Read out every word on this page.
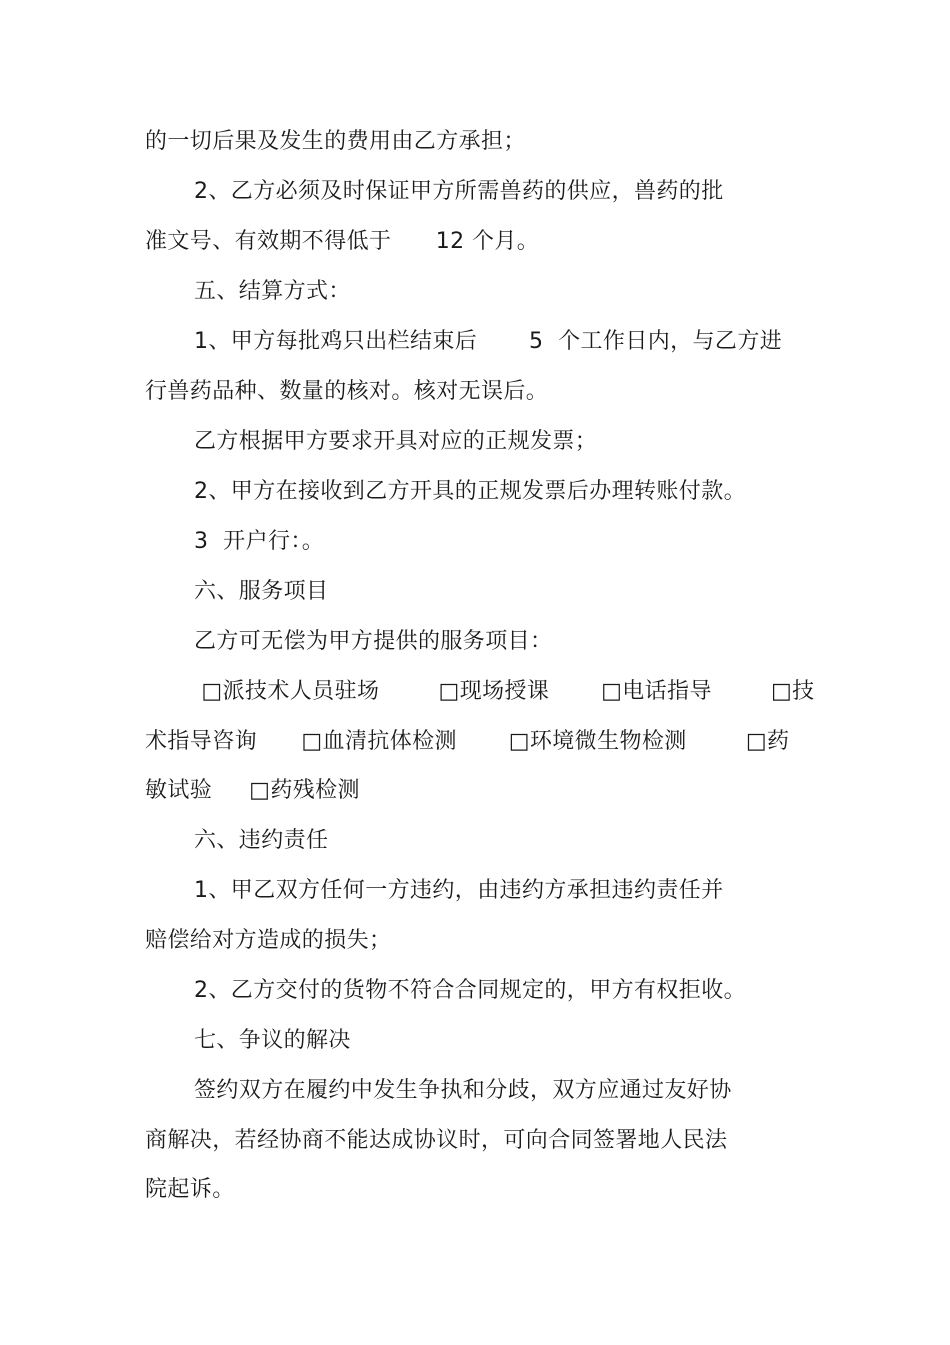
的一切后果及发生的费用由乙方承担；
2、乙方必须及时保证甲方所需兽药的供应，兽药的批
准文号、有效期不得低于      12 个月。
五、结算方式：
1、甲方每批鸡只出栏结束后       5  个工作日内，与乙方进
行兽药品种、数量的核对。核对无误后。
乙方根据甲方要求开具对应的正规发票；
2、甲方在接收到乙方开具的正规发票后办理转账付款。
3  开户行：。
六、服务项目
乙方可无偿为甲方提供的服务项目：
□派技术人员驻场        □现场授课       □电话指导        □技
术指导咨询      □血清抗体检测       □环境微生物检测        □药
敏试验     □药残检测
六、违约责任
1、甲乙双方任何一方违约，由违约方承担违约责任并
赔偿给对方造成的损失；
2、乙方交付的货物不符合合同规定的，甲方有权拒收。
七、争议的解决
签约双方在履约中发生争执和分歧，双方应通过友好协
商解决，若经协商不能达成协议时，可向合同签署地人民法
院起诉。
